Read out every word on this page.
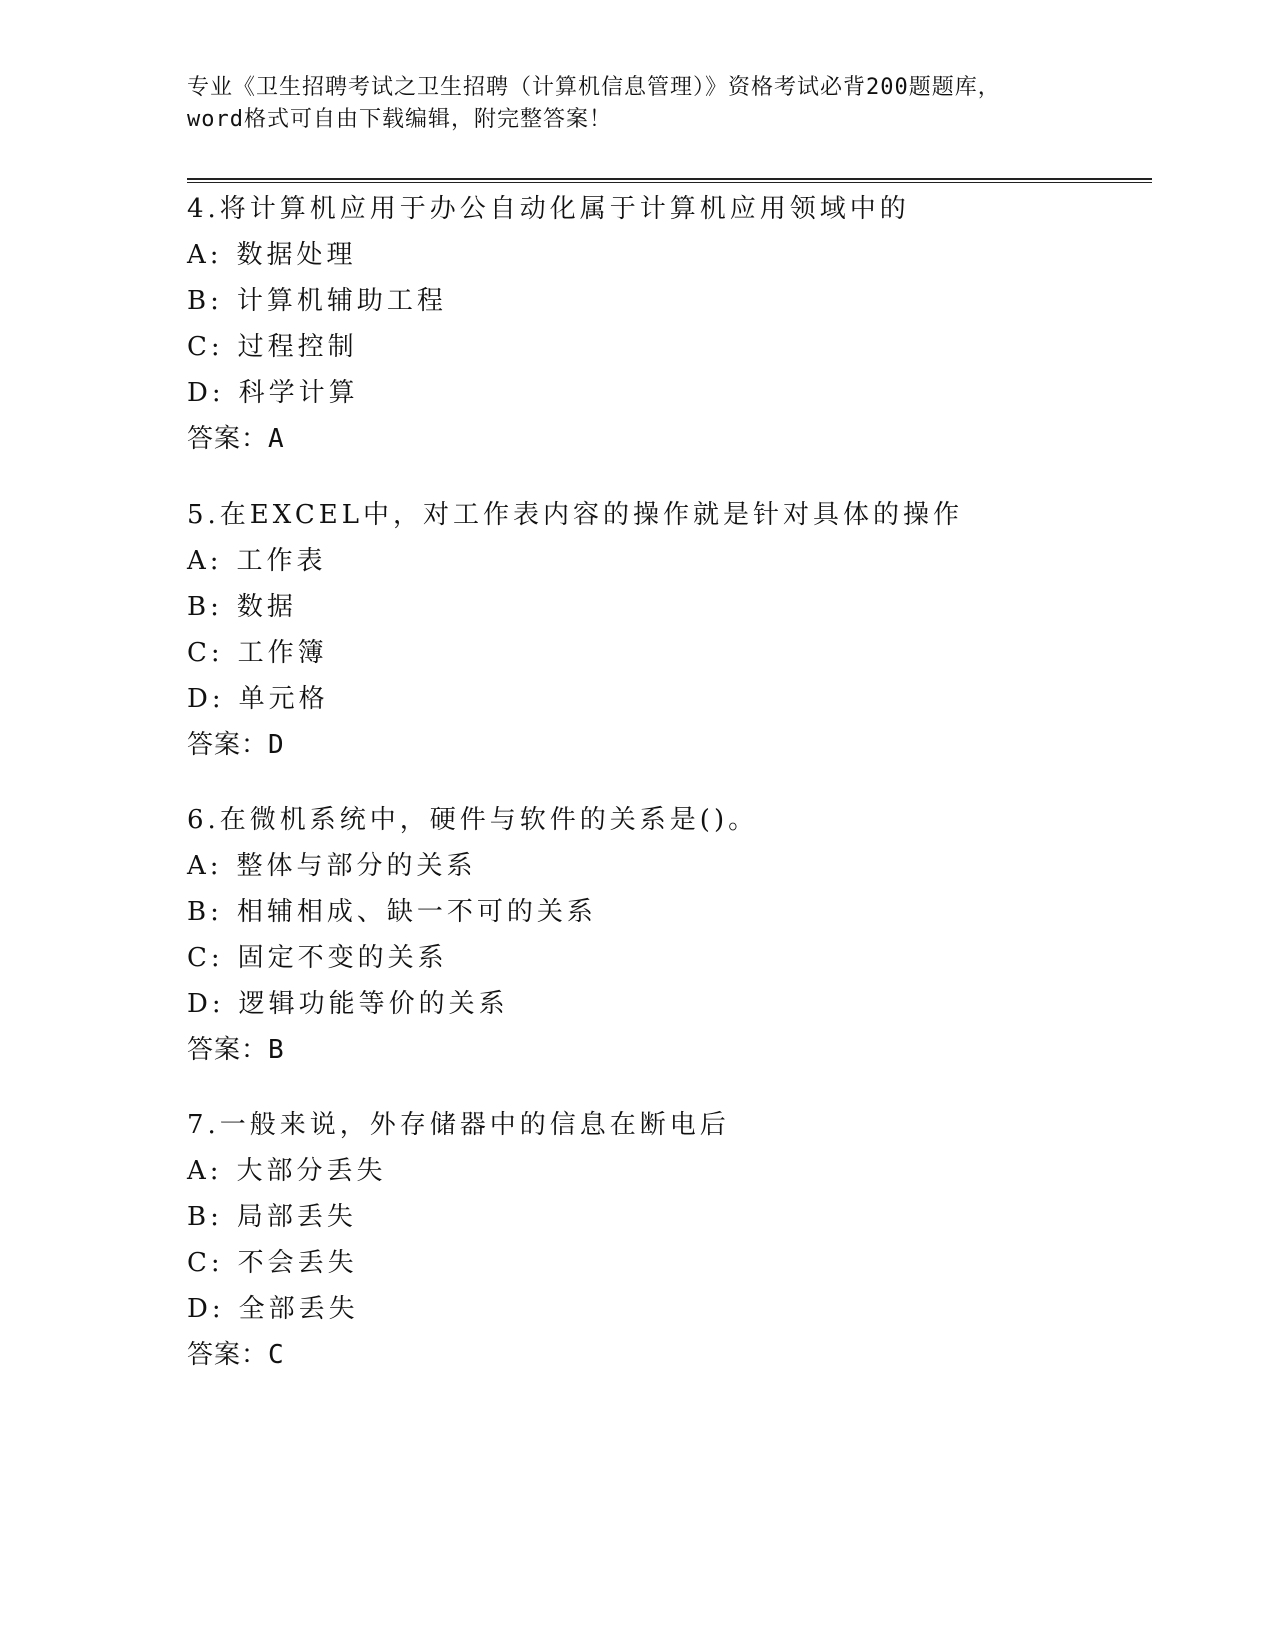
专业《卫生招聘考试之卫生招聘（计算机信息管理）》资格考试必背200题题库，
word格式可自由下载编辑，附完整答案！
4.将计算机应用于办公自动化属于计算机应用领域中的
A: 数据处理
B: 计算机辅助工程
C: 过程控制
D: 科学计算
答案：A
5.在EXCEL中，对工作表内容的操作就是针对具体的操作
A: 工作表
B: 数据
C: 工作簿
D: 单元格
答案：D
6.在微机系统中，硬件与软件的关系是()。
A: 整体与部分的关系
B: 相辅相成、缺一不可的关系
C: 固定不变的关系
D: 逻辑功能等价的关系
答案：B
7.一般来说，外存储器中的信息在断电后
A: 大部分丢失
B: 局部丢失
C: 不会丢失
D: 全部丢失
答案：C
